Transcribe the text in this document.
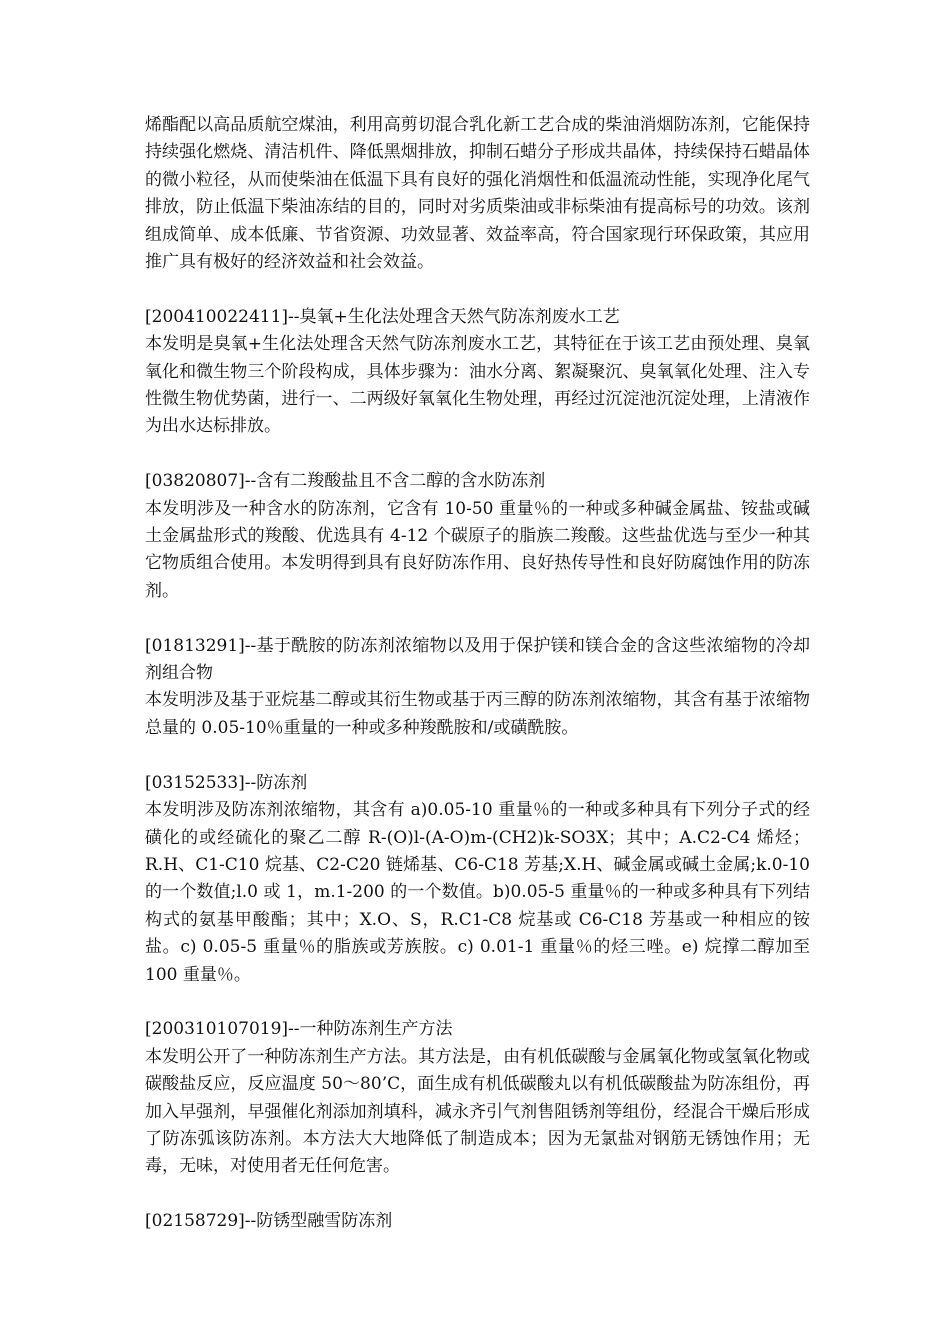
烯酯配以高品质航空煤油，利用高剪切混合乳化新工艺合成的柴油消烟防冻剂，它能保持持续强化燃烧、清洁机件、降低黑烟排放，抑制石蜡分子形成共晶体，持续保持石蜡晶体的微小粒径，从而使柴油在低温下具有良好的强化消烟性和低温流动性能，实现净化尾气排放，防止低温下柴油冻结的目的，同时对劣质柴油或非标柴油有提高标号的功效。该剂组成简单、成本低廉、节省资源、功效显著、效益率高，符合国家现行环保政策，其应用推广具有极好的经济效益和社会效益。

[200410022411]--臭氧+生化法处理含天然气防冻剂废水工艺

本发明是臭氧+生化法处理含天然气防冻剂废水工艺，其特征在于该工艺由预处理、臭氧氧化和微生物三个阶段构成，具体步骤为：油水分离、絮凝聚沉、臭氧氧化处理、注入专性微生物优势菌，进行一、二两级好氧氧化生物处理，再经过沉淀池沉淀处理，上清液作为出水达标排放。

[03820807]--含有二羧酸盐且不含二醇的含水防冻剂

本发明涉及一种含水的防冻剂，它含有 10-50 重量％的一种或多种碱金属盐、铵盐或碱土金属盐形式的羧酸、优选具有 4-12 个碳原子的脂族二羧酸。这些盐优选与至少一种其它物质组合使用。本发明得到具有良好防冻作用、良好热传导性和良好防腐蚀作用的防冻剂。

[01813291]--基于酰胺的防冻剂浓缩物以及用于保护镁和镁合金的含这些浓缩物的冷却剂组合物

本发明涉及基于亚烷基二醇或其衍生物或基于丙三醇的防冻剂浓缩物，其含有基于浓缩物总量的 0.05-10％重量的一种或多种羧酰胺和/或磺酰胺。

[03152533]--防冻剂

本发明涉及防冻剂浓缩物，其含有 a)0.05-10 重量％的一种或多种具有下列分子式的经磺化的或经硫化的聚乙二醇 R-(O)l-(A-O)m-(CH2)k-SO3X；其中；A.C2-C4 烯烃；R.H、C1-C10 烷基、C2-C20 链烯基、C6-C18 芳基;X.H、碱金属或碱土金属;k.0-10 的一个数值;l.0 或 1，m.1-200 的一个数值。b)0.05-5 重量％的一种或多种具有下列结构式的氨基甲酸酯；其中；X.O、S，R.C1-C8 烷基或 C6-C18 芳基或一种相应的铵盐。c) 0.05-5 重量％的脂族或芳族胺。c) 0.01-1 重量％的烃三唑。e) 烷撑二醇加至 100 重量％。

[200310107019]--一种防冻剂生产方法

本发明公开了一种防冻剂生产方法。其方法是，由有机低碳酸与金属氧化物或氢氧化物或碳酸盐反应，反应温度 50～80’C，面生成有机低碳酸丸以有机低碳酸盐为防冻组份，再加入早强剂，早强催化剂添加剂填科，减永齐引气剂售阻锈剂等组份，经混合干燥后形成了防冻弧该防冻剂。本方法大大地降低了制造成本；因为无氯盐对钢筋无锈蚀作用；无毒，无味，对使用者无任何危害。

[02158729]--防锈型融雪防冻剂
